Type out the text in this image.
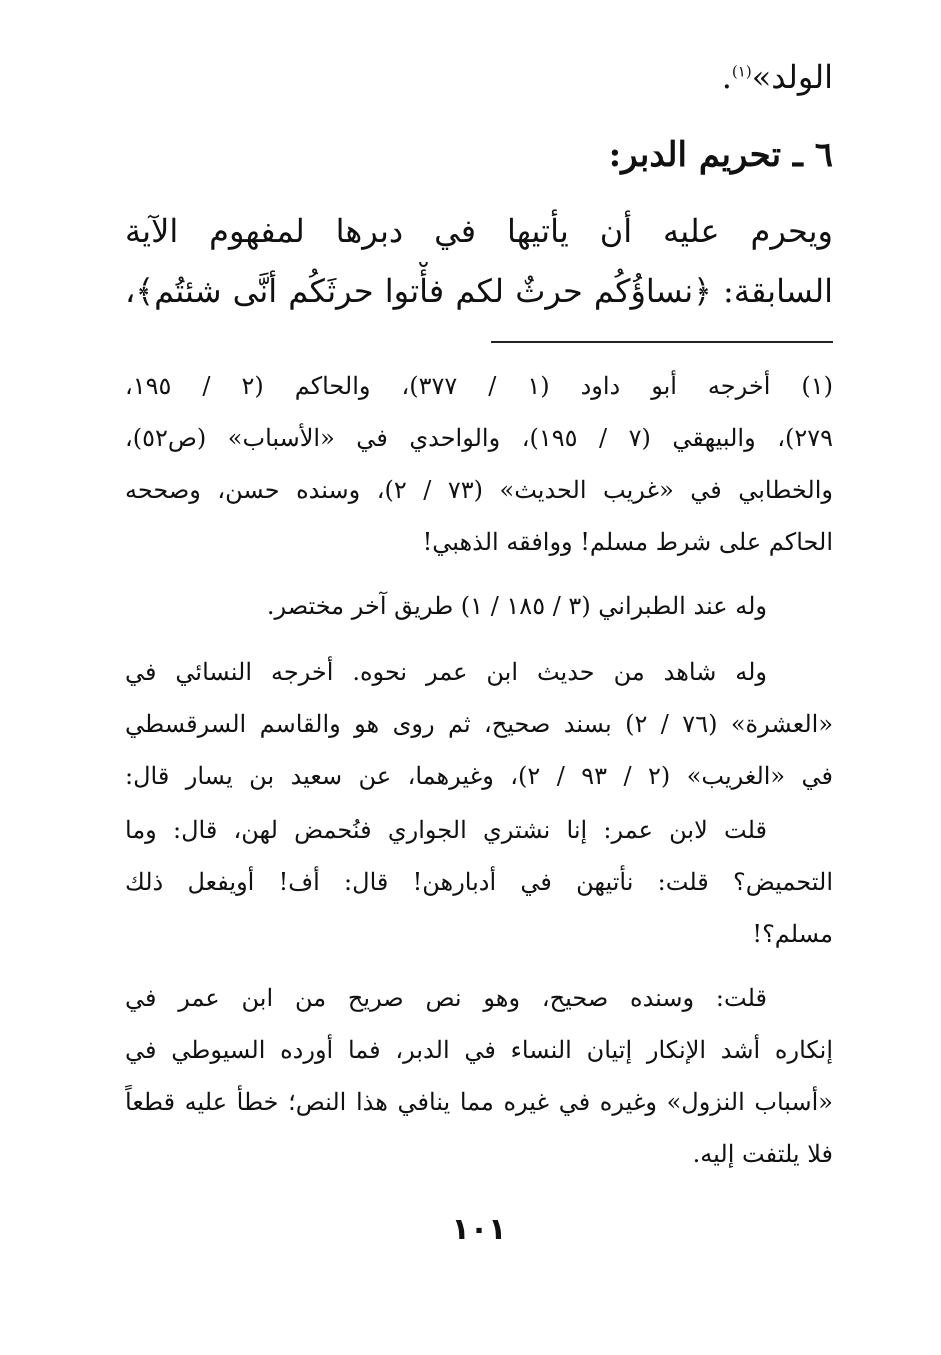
الولد»$^{(١)}$.
٦ ـ تحريم الدبر:
ويحرم عليه أن يأتيها في دبرها لمفهوم الآية
السابقة: ﴿نساؤُكُم حرثٌ لكم فأْتوا حرثَكُم أنَّى شئتُم﴾،
(١) أخرجه أبو داود (١ / ٣٧٧)، والحاكم (٢ / ١٩٥،
٢٧٩)، والبيهقي (٧ / ١٩٥)، والواحدي في «الأسباب» (ص٥٢)،
والخطابي في «غريب الحديث» (٧٣ / ٢)، وسنده حسن، وصححه
الحاكم على شرط مسلم! ووافقه الذهبي!
وله عند الطبراني (٣ / ١٨٥ / ١) طريق آخر مختصر.
وله شاهد من حديث ابن عمر نحوه. أخرجه النسائي في
«العشرة» (٧٦ / ٢) بسند صحيح، ثم روى هو والقاسم السرقسطي
في «الغريب» (٢ / ٩٣ / ٢)، وغيرهما، عن سعيد بن يسار قال:
قلت لابن عمر: إنا نشتري الجواري فنُحمض لهن، قال: وما
التحميض؟ قلت: نأتيهن في أدبارهن! قال: أف! أويفعل ذلك
مسلم؟!
قلت: وسنده صحيح، وهو نص صريح من ابن عمر في
إنكاره أشد الإنكار إتيان النساء في الدبر، فما أورده السيوطي في
«أسباب النزول» وغيره في غيره مما ينافي هذا النص؛ خطأ عليه قطعاً
فلا يلتفت إليه.
١٠١
